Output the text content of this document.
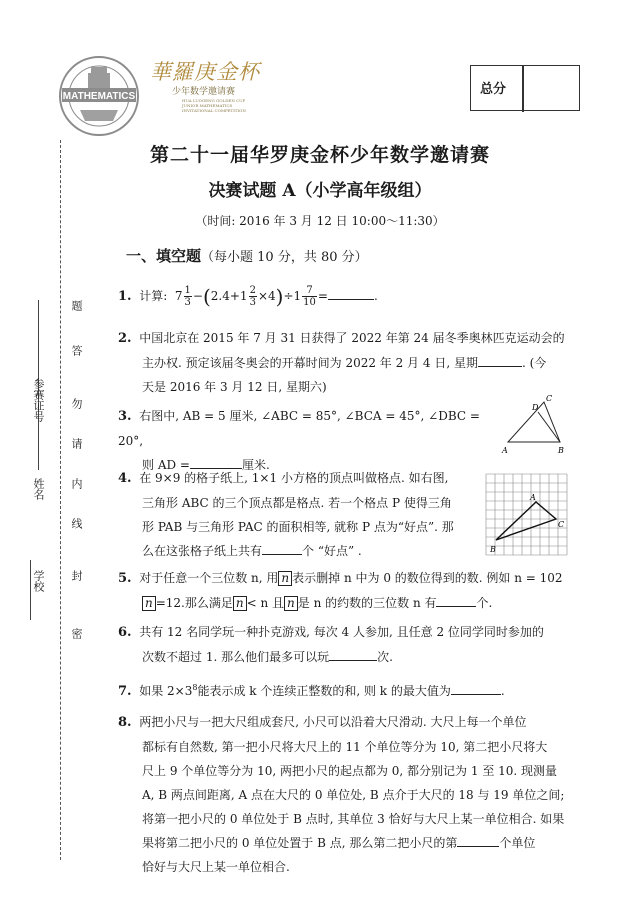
MATHEMATICS
華羅庚金杯
少年数学邀请赛
HUA LUOGENG GOLDEN CUP JUNIOR MATHEMATICS INVITATIONAL COMPETITION
总分
第二十一届华罗庚金杯少年数学邀请赛
决赛试题 A（小学高年级组）
（时间: 2016 年 3 月 12 日 10:00～11:30）
一、填空题（每小题 10 分，共 80 分）
学校
姓名
参赛证号
密
封
线
内
请
勿
答
题
1. 计算: $7 \frac{1}{3} -(2.4+1 \frac{2}{3} \times 4)\div 1 \frac{7}{10}$ =	.
2. 中国北京在 2015 年 7 月 31 日获得了 2022 年第 24 届冬季奥林匹克运动会的
主办权. 预定该届冬奥会的开幕时间为 2022 年 2 月 4 日, 星期	. (今
天是 2016 年 3 月 12 日, 星期六)
3. 右图中, AB = 5 厘米, ∠ABC = 85°, ∠BCA = 45°, ∠DBC = 20°,
则 AD =	厘米.
A	B
C
D
4. 在 9×9 的格子纸上, 1×1 小方格的顶点叫做格点. 如右图,
三角形 ABC 的三个顶点都是格点. 若一个格点 P 使得三角
形 PAB 与三角形 PAC 的面积相等, 就称 P 点为“好点”. 那
么在这张格子纸上共有	个 “好点” .
A
B
C
5. 对于任意一个三位数 n, 用 n 表示删掉 n 中为 0 的数位得到的数. 例如 n = 102
n =12.那么满足 n < n 且 n 是 n 的约数的三位数 n 有	个.
6. 共有 12 名同学玩一种扑克游戏, 每次 4 人参加, 且任意 2 位同学同时参加的
次数不超过 1. 那么他们最多可以玩	次.
7. 如果 $2\times 3^8$能表示成 k 个连续正整数的和, 则 k 的最大值为	.
8. 两把小尺与一把大尺组成套尺, 小尺可以沿着大尺滑动. 大尺上每一个单位
都标有自然数, 第一把小尺将大尺上的 11 个单位等分为 10, 第二把小尺将大
尺上 9 个单位等分为 10, 两把小尺的起点都为 0, 都分别记为 1 至 10. 现测量
A, B 两点间距离, A 点在大尺的 0 单位处, B 点介于大尺的 18 与 19 单位之间;
将第一把小尺的 0 单位处于 B 点时, 其单位 3 恰好与大尺上某一单位相合. 如果
果将第二把小尺的 0 单位处置于 B 点, 那么第二把小尺的第	个单位
恰好与大尺上某一单位相合.
